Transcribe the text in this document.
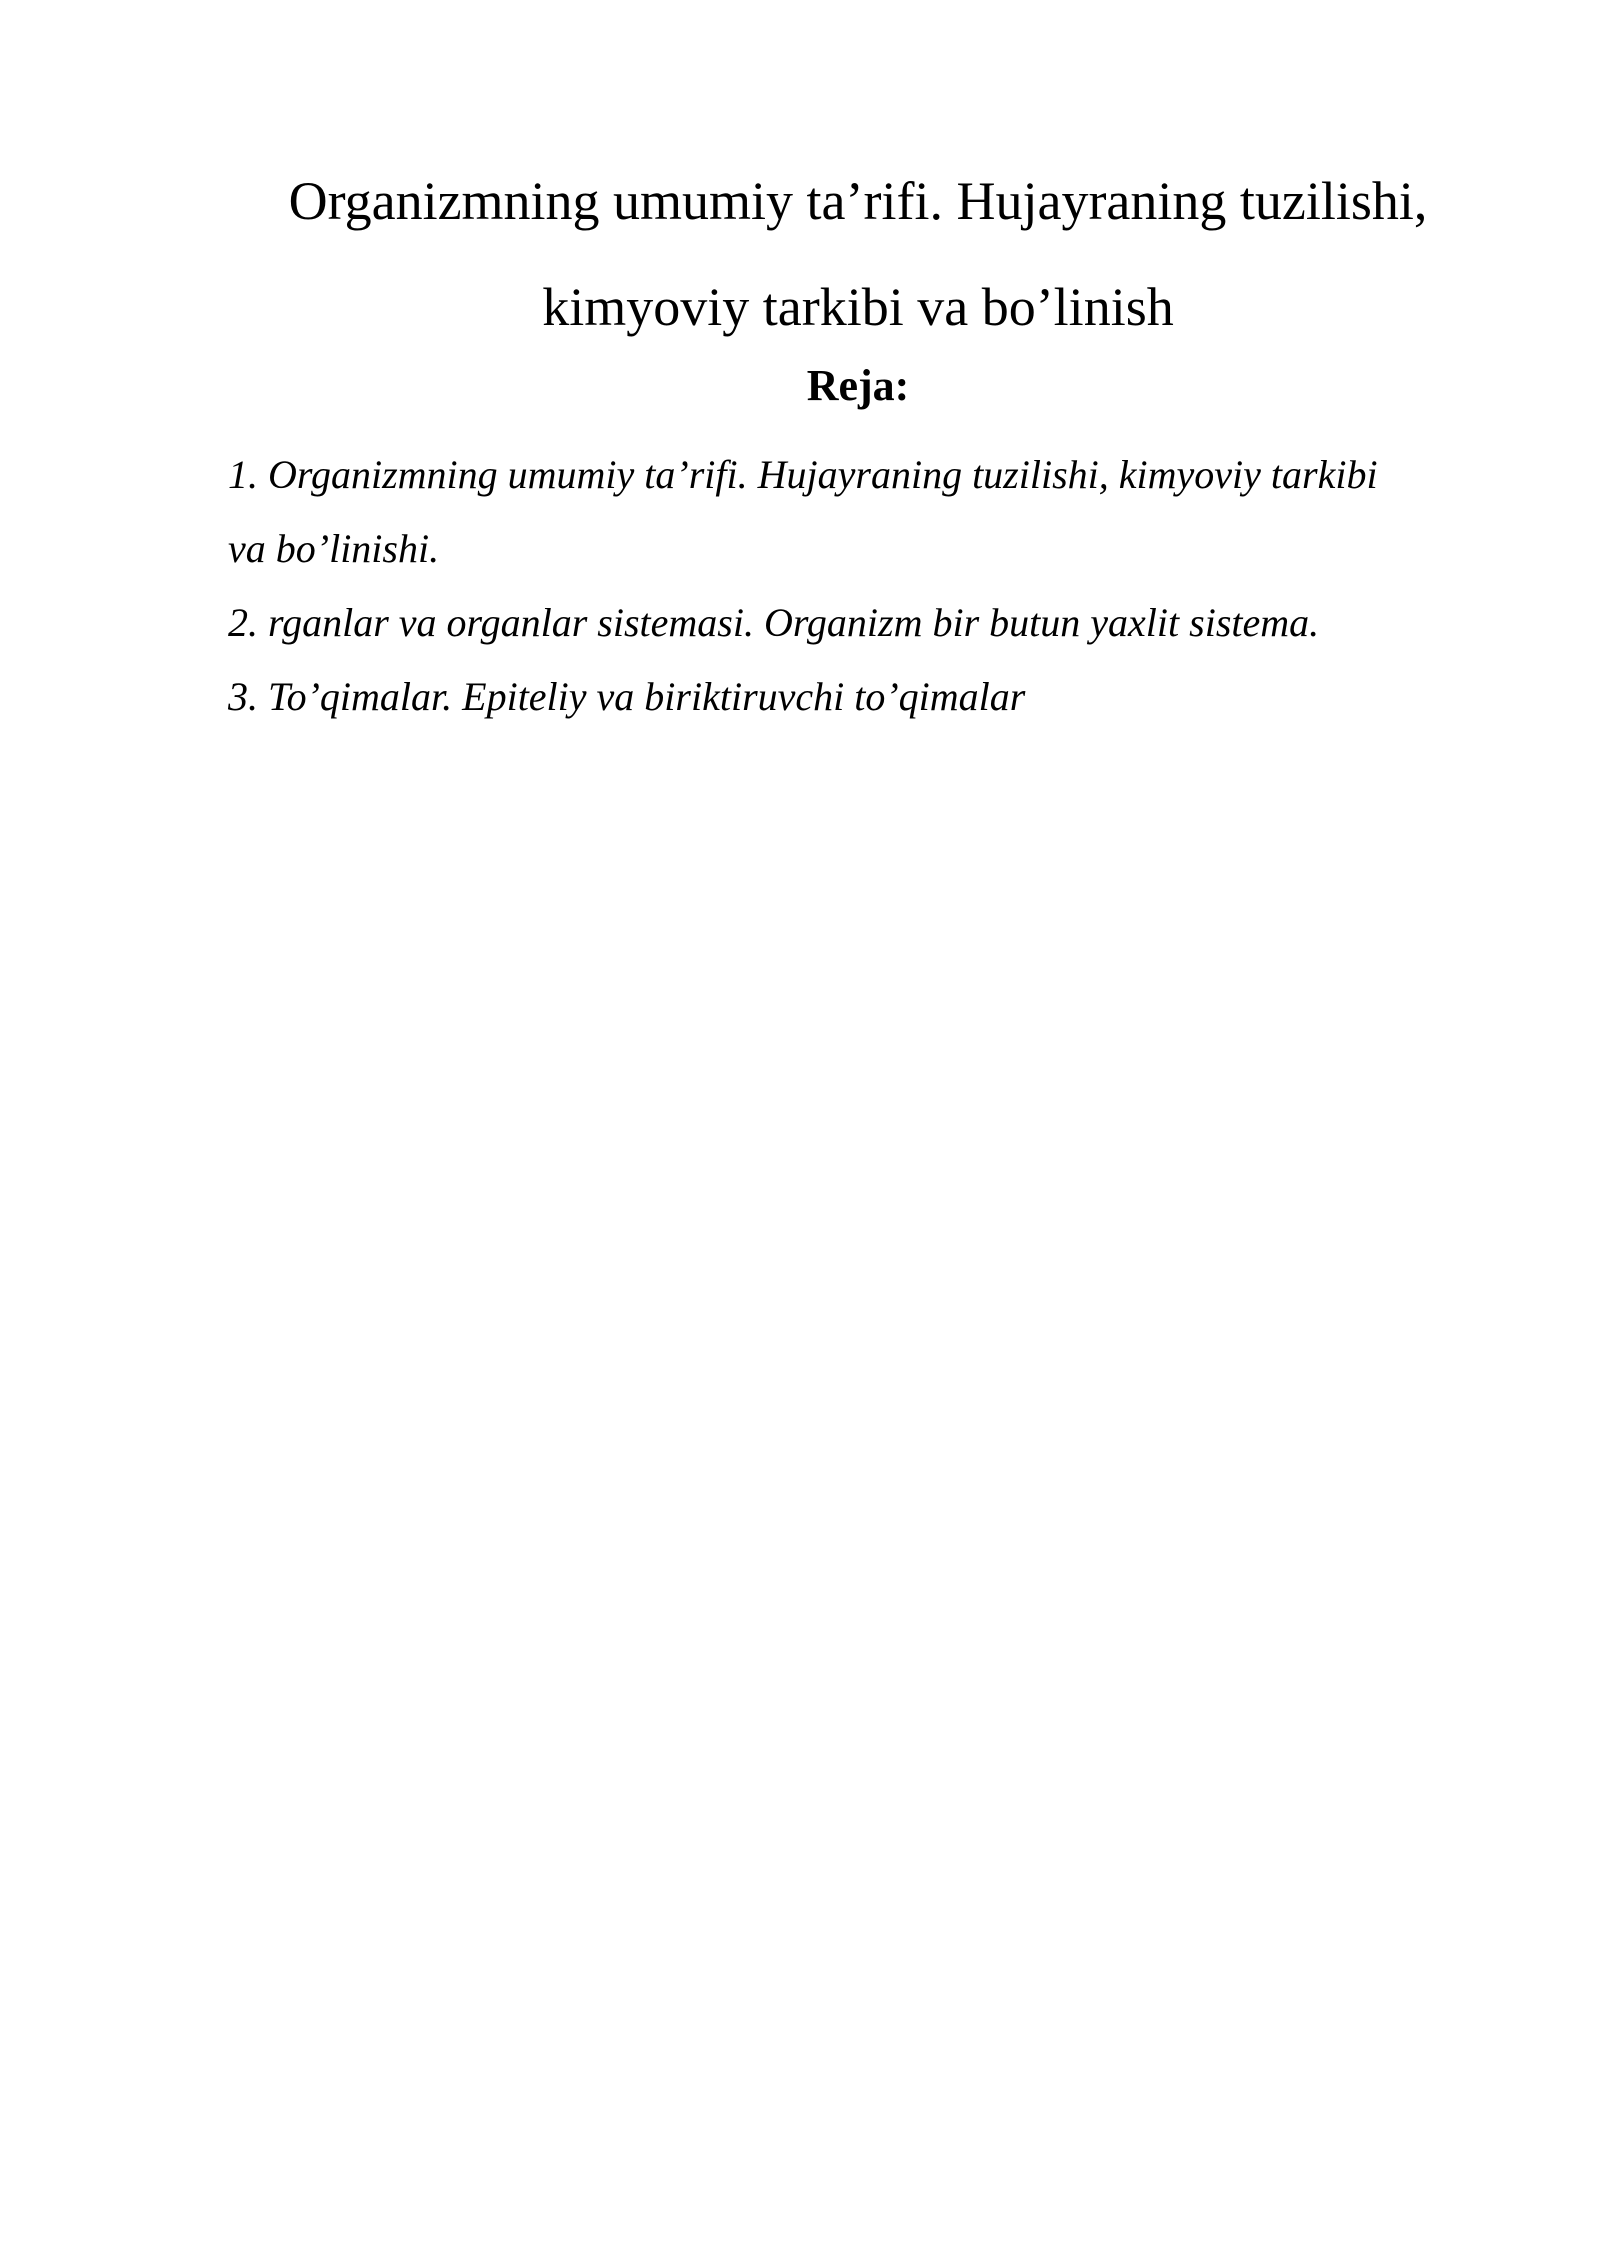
Organizmning umumiy ta’rifi. Hujayraning tuzilishi,
kimyoviy tarkibi va bo’linish
Reja:
1. Organizmning umumiy ta’rifi. Hujayraning tuzilishi, kimyoviy tarkibi
va bo’linishi.
2. rganlar va organlar sistemasi. Organizm bir butun yaxlit sistema.
3. To’qimalar. Epiteliy va biriktiruvchi to’qimalar
